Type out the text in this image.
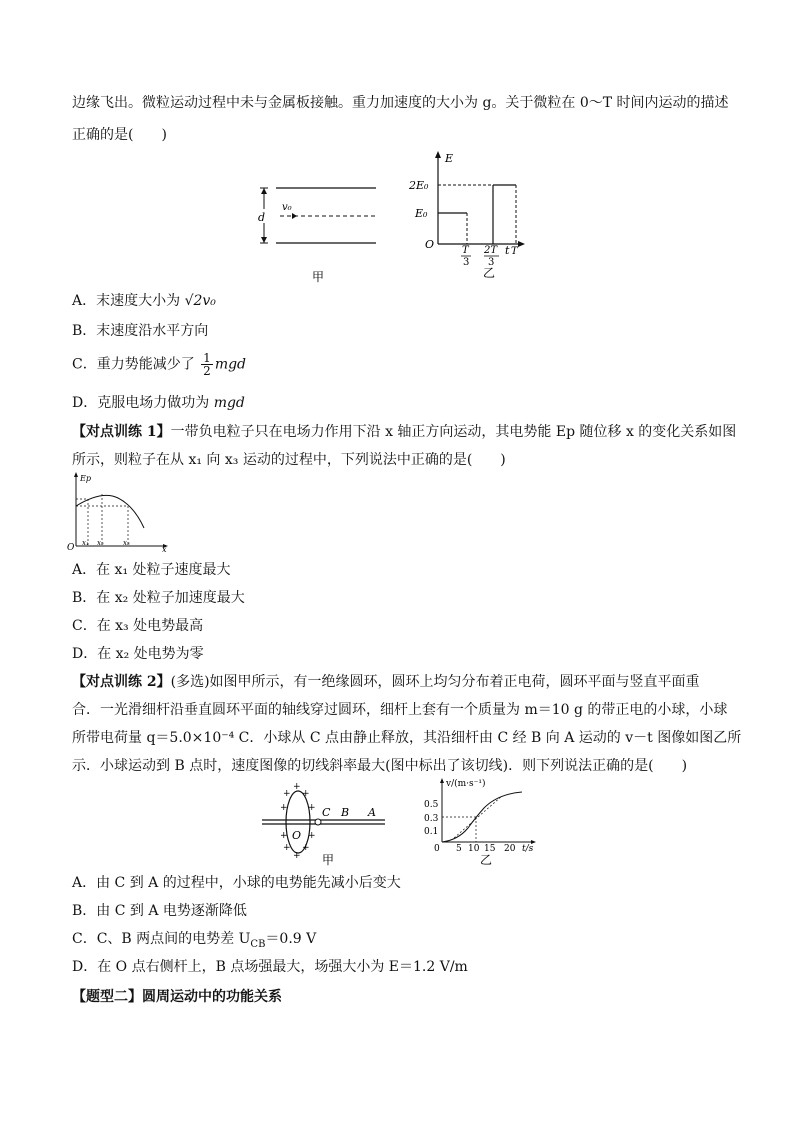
边缘飞出。微粒运动过程中未与金属板接触。重力加速度的大小为 g。关于微粒在 0～T 时间内运动的描述
正确的是(　　)
v₀
d
甲
E
t
O
2E₀
E₀
T
3
2T
3
T
乙
A．末速度大小为 √2v₀
B．末速度沿水平方向
C．重力势能减少了 $\frac{1}{2}$ mgd
D．克服电场力做功为 mgd
【对点训练 1】一带负电粒子只在电场力作用下沿 x 轴正方向运动，其电势能 Ep 随位移 x 的变化关系如图
所示，则粒子在从 x₁ 向 x₃ 运动的过程中，下列说法中正确的是(　　)
Ep
x
O x₁ x₂	x₃
A．在 x₁ 处粒子速度最大
B．在 x₂ 处粒子加速度最大
C．在 x₃ 处电势最高
D．在 x₂ 处电势为零
【对点训练 2】(多选)如图甲所示，有一绝缘圆环，圆环上均匀分布着正电荷，圆环平面与竖直平面重
合．一光滑细杆沿垂直圆环平面的轴线穿过圆环，细杆上套有一个质量为 m＝10 g 的带正电的小球，小球
所带电荷量 q＝5.0×10⁻⁴ C．小球从 C 点由静止释放，其沿细杆由 C 经 B 向 A 运动的 v－t 图像如图乙所
示．小球运动到 B 点时，速度图像的切线斜率最大(图中标出了该切线)．则下列说法正确的是(　　)
+
+ +
+ +
+ +
+ +
+
O
C B A
甲
v/(m·s⁻¹)
t/s
0
0.5
0.3
0.1
5 10 15 20
乙
A．由 C 到 A 的过程中，小球的电势能先减小后变大
B．由 C 到 A 电势逐渐降低
C．C、B 两点间的电势差 $U_{CB}=0.9$ V
D．在 O 点右侧杆上，B 点场强最大，场强大小为 E＝1.2 V/m
【题型二】圆周运动中的功能关系
